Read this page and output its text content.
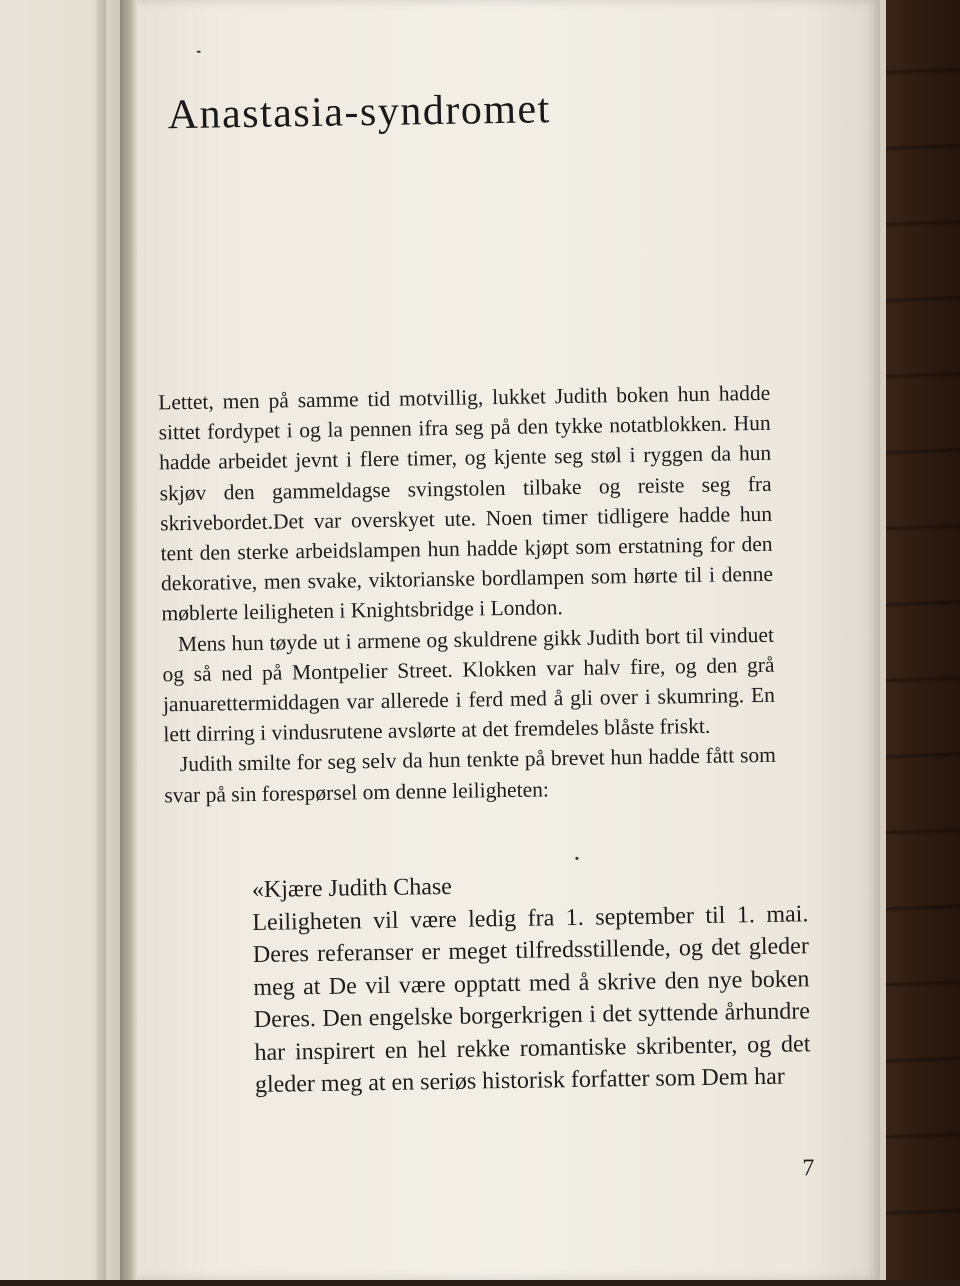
Anastasia-syndromet

Lettet, men på samme tid motvillig, lukket Judith boken hun hadde sittet fordypet i og la pennen ifra seg på den tykke notatblokken. Hun hadde arbeidet jevnt i flere timer, og kjente seg støl i ryggen da hun skjøv den gammeldagse svingstolen tilbake og reiste seg fra skrivebordet.Det var overskyet ute. Noen timer tidligere hadde hun tent den sterke arbeidslampen hun hadde kjøpt som erstatning for den dekorative, men svake, viktorianske bordlampen som hørte til i denne møblerte leiligheten i Knightsbridge i London.

Mens hun tøyde ut i armene og skuldrene gikk Judith bort til vinduet og så ned på Montpelier Street. Klokken var halv fire, og den grå januarettermiddagen var allerede i ferd med å gli over i skumring. En lett dirring i vindusrutene avslørte at det fremdeles blåste friskt.

Judith smilte for seg selv da hun tenkte på brevet hun hadde fått som svar på sin forespørsel om denne leiligheten:

«Kjære Judith Chase

Leiligheten vil være ledig fra 1. september til 1. mai. Deres referanser er meget tilfredsstillende, og det gleder meg at De vil være opptatt med å skrive den nye boken Deres. Den engelske borgerkrigen i det syttende århundre har inspirert en hel rekke romantiske skribenter, og det gleder meg at en seriøs historisk forfatter som Dem har

7
